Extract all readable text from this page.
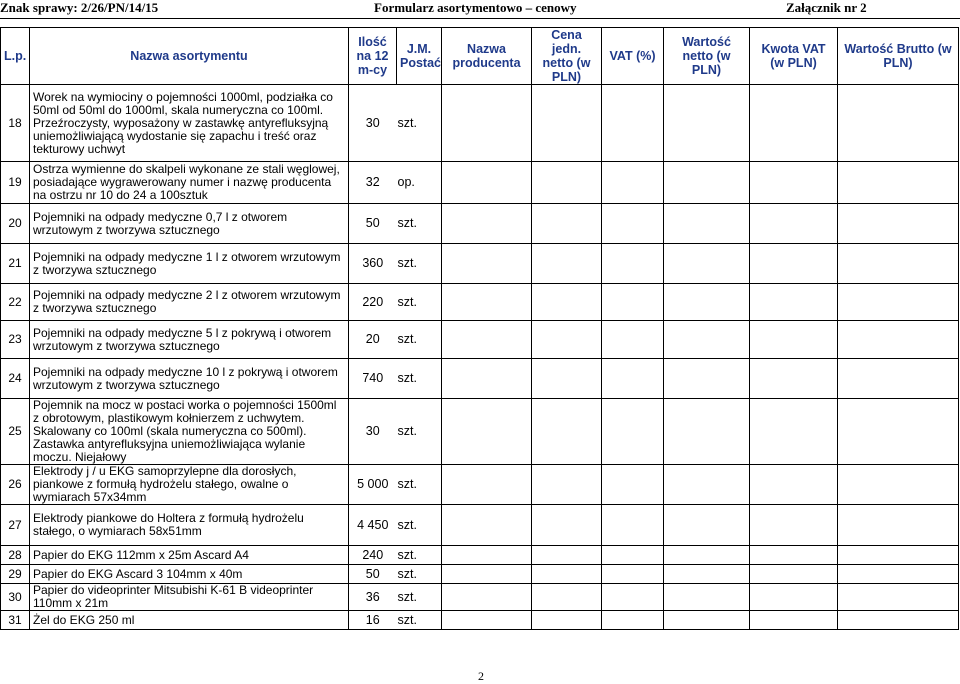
Znak sprawy: 2/26/PN/14/15	Formularz asortymentowo – cenowy	Załącznik nr 2
L.p.	Nazwa asortymentu	Ilość na 12 m-cy	J.M. Postać	Nazwa producenta	Cena jedn. netto (w PLN)	VAT (%)	Wartość netto (w PLN)	Kwota VAT (w PLN)	Wartość Brutto (w PLN)
18	Worek na wymiociny o pojemności 1000ml, podziałka co 50ml od 50ml do 1000ml, skala numeryczna co 100ml. Przeźroczysty, wyposażony w zastawkę antyrefluksyjną uniemożliwiającą wydostanie się zapachu i treść oraz tekturowy uchwyt	30	szt.						
19	Ostrza wymienne do skalpeli wykonane ze stali węglowej, posiadające wygrawerowany numer i nazwę producenta na ostrzu nr 10 do 24 a 100sztuk	32	op.						
20	Pojemniki na odpady medyczne 0,7 l z otworem wrzutowym z tworzywa sztucznego	50	szt.						
21	Pojemniki na odpady medyczne 1 l z otworem wrzutowym z tworzywa sztucznego	360	szt.						
22	Pojemniki na odpady medyczne 2 l z otworem wrzutowym z tworzywa sztucznego	220	szt.						
23	Pojemniki na odpady medyczne 5 l z pokrywą i otworem wrzutowym z tworzywa sztucznego	20	szt.						
24	Pojemniki na odpady medyczne 10 l z pokrywą i otworem wrzutowym z tworzywa sztucznego	740	szt.						
25	Pojemnik na mocz w postaci worka o pojemności 1500ml z obrotowym, plastikowym kołnierzem z uchwytem. Skalowany co 100ml (skala numeryczna co 500ml). Zastawka antyrefluksyjna uniemożliwiająca wylanie moczu. Niejałowy	30	szt.						
26	Elektrody j / u EKG samoprzylepne dla dorosłych, piankowe z formułą hydrożelu stałego, owalne o wymiarach 57x34mm	5 000	szt.						
27	Elektrody piankowe do Holtera z formułą hydrożelu stałego, o wymiarach 58x51mm	4 450	szt.						
28	Papier do EKG 112mm x 25m Ascard A4	240	szt.						
29	Papier do EKG Ascard 3 104mm x 40m	50	szt.						
30	Papier do videoprinter Mitsubishi K-61 B videoprinter 110mm x 21m	36	szt.						
31	Żel do EKG 250 ml	16	szt.						
2
